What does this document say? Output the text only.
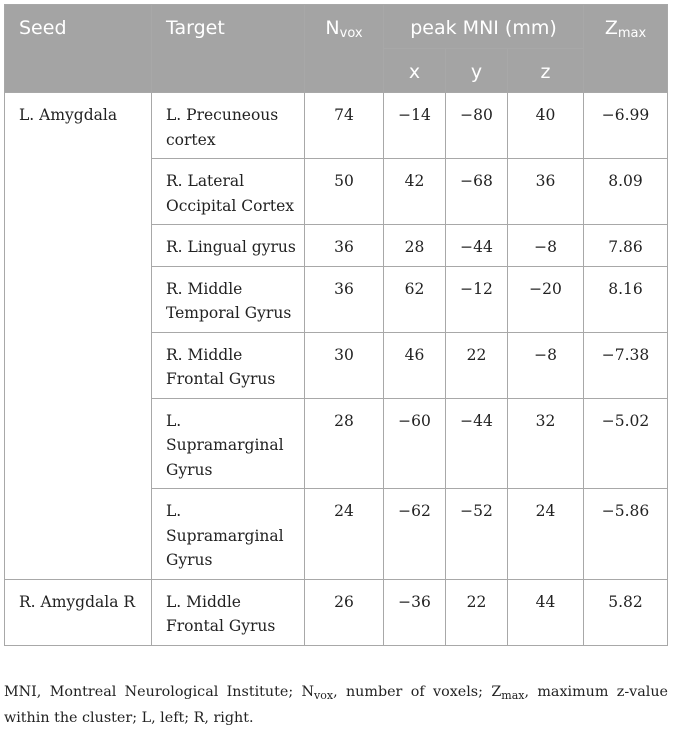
Seed	Target	Nvox	peak MNI (mm)			Zmax
			x	y	z	
L. Amygdala	L. Precuneous cortex	74	−14	−80	40	−6.99
	R. Lateral Occipital Cortex	50	42	−68	36	8.09
	R. Lingual gyrus	36	28	−44	−8	7.86
	R. Middle Temporal Gyrus	36	62	−12	−20	8.16
	R. Middle Frontal Gyrus	30	46	22	−8	−7.38
	L. Supramarginal Gyrus	28	−60	−44	32	−5.02
	L. Supramarginal Gyrus	24	−62	−52	24	−5.86
R. Amygdala R	L. Middle Frontal Gyrus	26	−36	22	44	5.82
MNI, Montreal Neurological Institute; $N_{vox}$, number of voxels; $Z_{max}$, maximum z-value within the cluster; L, left; R, right.
